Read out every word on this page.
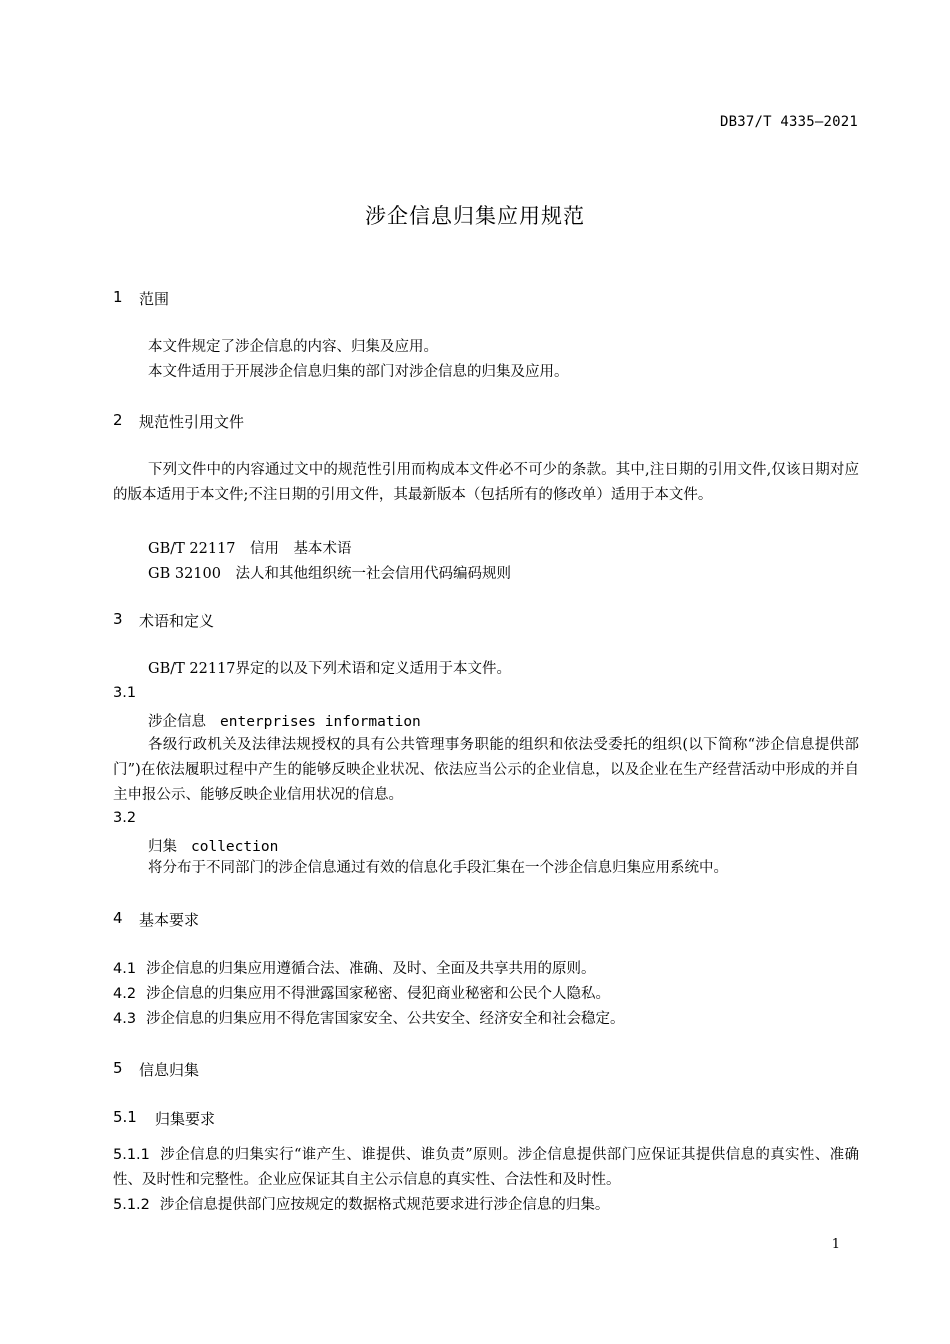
DB37/T 4335—2021
涉企信息归集应用规范
1	范围
本文件规定了涉企信息的内容、归集及应用。
本文件适用于开展涉企信息归集的部门对涉企信息的归集及应用。
2	规范性引用文件
下列文件中的内容通过文中的规范性引用而构成本文件必不可少的条款。其中,注日期的引用文件,仅该日期对应的版本适用于本文件;不注日期的引用文件，其最新版本（包括所有的修改单）适用于本文件。
GB/T 22117　信用　基本术语
GB 32100　法人和其他组织统一社会信用代码编码规则
3	术语和定义
GB/T 22117界定的以及下列术语和定义适用于本文件。
3.1
涉企信息 enterprises information
各级行政机关及法律法规授权的具有公共管理事务职能的组织和依法受委托的组织(以下简称“涉企信息提供部门”)在依法履职过程中产生的能够反映企业状况、依法应当公示的企业信息，以及企业在生产经营活动中形成的并自主申报公示、能够反映企业信用状况的信息。
3.2
归集 collection
将分布于不同部门的涉企信息通过有效的信息化手段汇集在一个涉企信息归集应用系统中。
4	基本要求
4.1 涉企信息的归集应用遵循合法、准确、及时、全面及共享共用的原则。
4.2 涉企信息的归集应用不得泄露国家秘密、侵犯商业秘密和公民个人隐私。
4.3 涉企信息的归集应用不得危害国家安全、公共安全、经济安全和社会稳定。
5	信息归集
5.1	归集要求
5.1.1 涉企信息的归集实行“谁产生、谁提供、谁负责”原则。涉企信息提供部门应保证其提供信息的真实性、准确性、及时性和完整性。企业应保证其自主公示信息的真实性、合法性和及时性。
5.1.2 涉企信息提供部门应按规定的数据格式规范要求进行涉企信息的归集。
1
